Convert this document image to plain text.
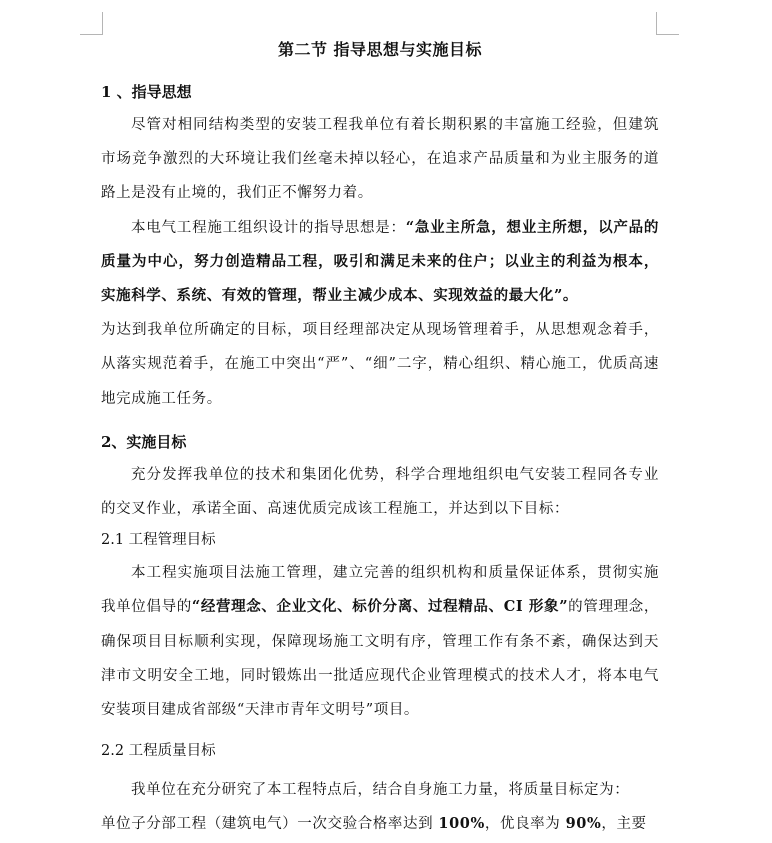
第二节 指导思想与实施目标
1 、指导思想

尽管对相同结构类型的安装工程我单位有着长期积累的丰富施工经验，但建筑市场竞争激烈的大环境让我们丝毫未掉以轻心，在追求产品质量和为业主服务的道路上是没有止境的，我们正不懈努力着。

本电气工程施工组织设计的指导思想是：“急业主所急，想业主所想，以产品的质量为中心，努力创造精品工程，吸引和满足未来的住户；以业主的利益为根本，实施科学、系统、有效的管理，帮业主减少成本、实现效益的最大化”。

为达到我单位所确定的目标，项目经理部决定从现场管理着手，从思想观念着手，从落实规范着手，在施工中突出“严”、“细”二字，精心组织、精心施工，优质高速地完成施工任务。

2、实施目标

充分发挥我单位的技术和集团化优势，科学合理地组织电气安装工程同各专业的交叉作业，承诺全面、高速优质完成该工程施工，并达到以下目标：

2.1 工程管理目标

本工程实施项目法施工管理，建立完善的组织机构和质量保证体系，贯彻实施我单位倡导的“经营理念、企业文化、标价分离、过程精品、CI 形象”的管理理念，确保项目目标顺利实现，保障现场施工文明有序，管理工作有条不紊，确保达到天津市文明安全工地，同时锻炼出一批适应现代企业管理模式的技术人才，将本电气安装项目建成省部级“天津市青年文明号”项目。

2.2 工程质量目标

我单位在充分研究了本工程特点后，结合自身施工力量，将质量目标定为：

单位子分部工程（建筑电气）一次交验合格率达到 100%，优良率为 90%，主要
